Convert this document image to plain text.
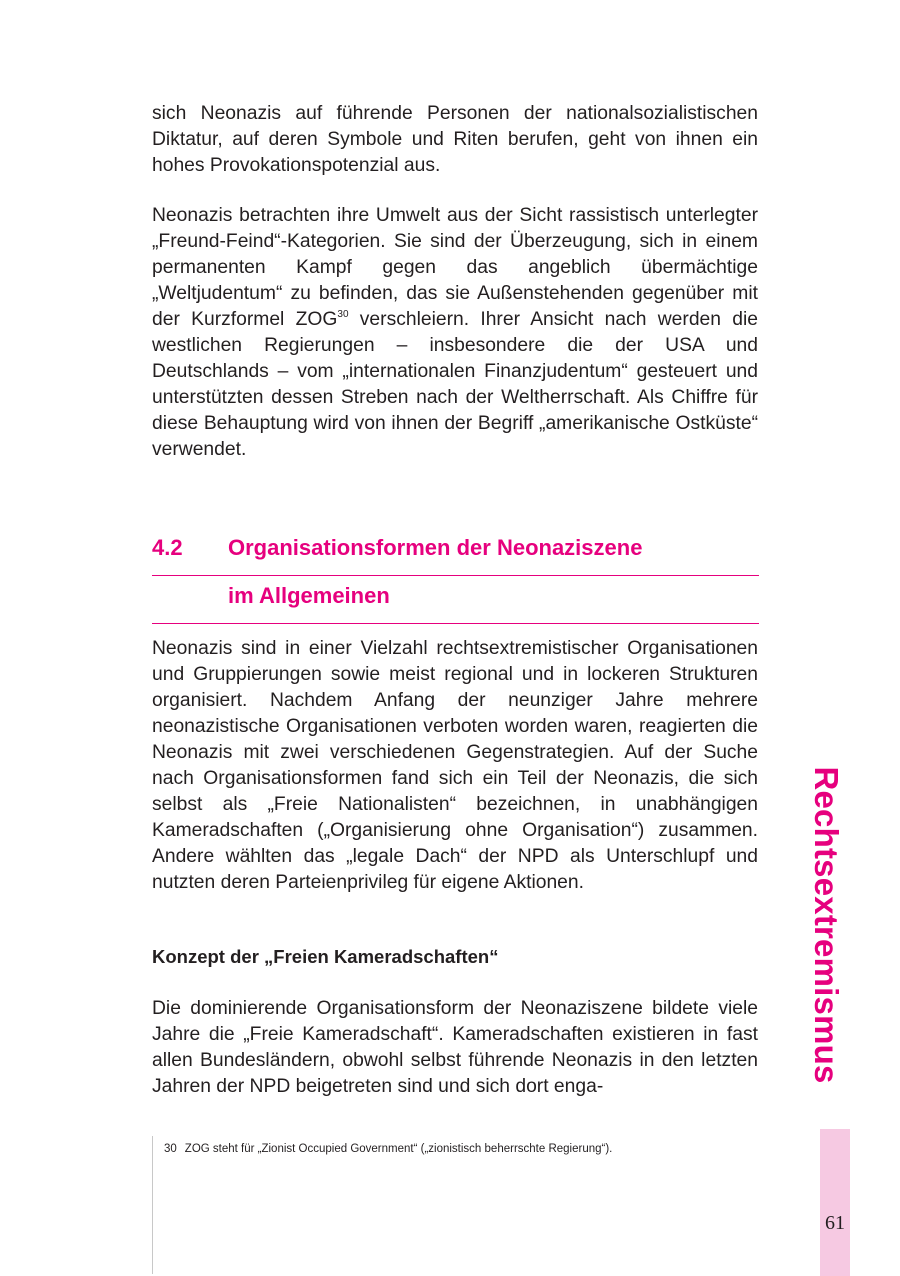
sich Neonazis auf führende Personen der nationalsozialistischen Diktatur, auf deren Symbole und Riten berufen, geht von ihnen ein hohes Provokationspotenzial aus.

Neonazis betrachten ihre Umwelt aus der Sicht rassistisch unterlegter „Freund-Feind“-Kategorien. Sie sind der Überzeugung, sich in einem permanenten Kampf gegen das angeblich übermächtige „Weltjudentum“ zu befinden, das sie Außenstehenden gegenüber mit der Kurzformel ZOG$^{30}$ verschleiern. Ihrer Ansicht nach werden die westlichen Regierungen – insbesondere die der USA und Deutschlands – vom „internationalen Finanzjudentum“ gesteuert und unterstützten dessen Streben nach der Weltherrschaft. Als Chiffre für diese Behauptung wird von ihnen der Begriff „amerikanische Ostküste“ verwendet.

4.2 Organisationsformen der Neonaziszene
im Allgemeinen

Neonazis sind in einer Vielzahl rechtsextremistischer Organisationen und Gruppierungen sowie meist regional und in lockeren Strukturen organisiert. Nachdem Anfang der neunziger Jahre mehrere neonazistische Organisationen verboten worden waren, reagierten die Neonazis mit zwei verschiedenen Gegenstrategien. Auf der Suche nach Organisationsformen fand sich ein Teil der Neonazis, die sich selbst als „Freie Nationalisten“ bezeichnen, in unabhängigen Kameradschaften („Organisierung ohne Organisation“) zusammen. Andere wählten das „legale Dach“ der NPD als Unterschlupf und nutzten deren Parteienprivileg für eigene Aktionen.

Konzept der „Freien Kameradschaften“

Die dominierende Organisationsform der Neonaziszene bildete viele Jahre die „Freie Kameradschaft“. Kameradschaften existieren in fast allen Bundesländern, obwohl selbst führende Neonazis in den letzten Jahren der NPD beigetreten sind und sich dort enga-

30 ZOG steht für „Zionist Occupied Government“ („zionistisch beherrschte Regierung“).
Rechtsextremismus
61
